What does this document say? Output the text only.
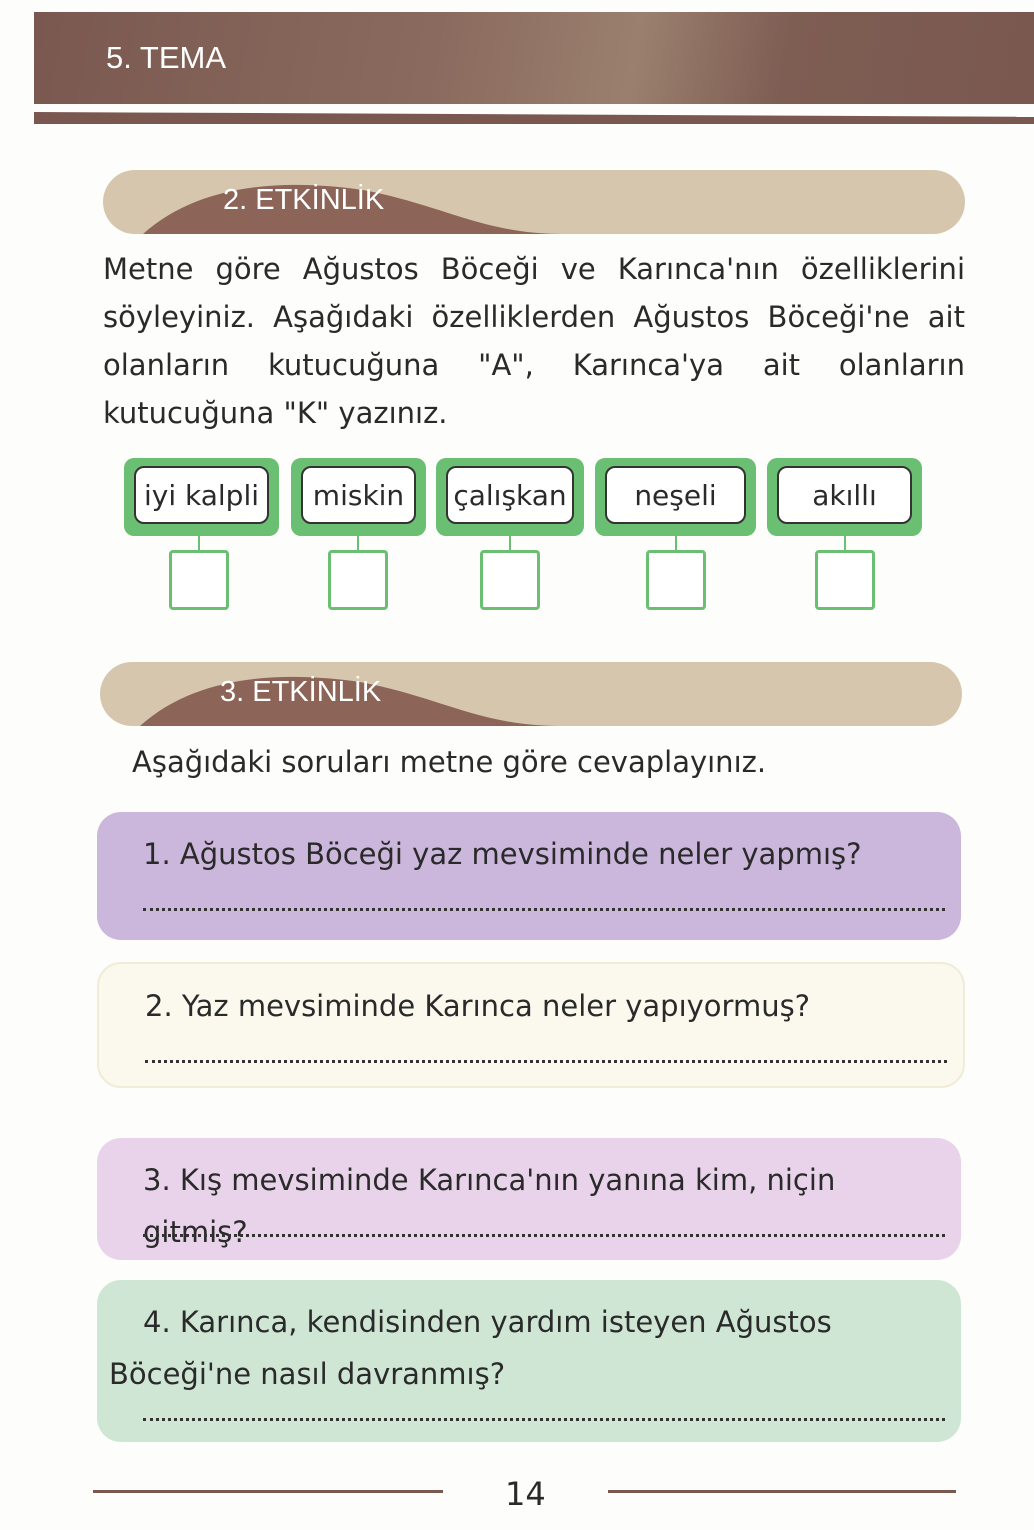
5. TEMA
2. ETKİNLİK
Metne göre Ağustos Böceği ve Karınca'nın özelliklerini söyleyiniz. Aşağıdaki özelliklerden Ağustos Böceği'ne ait olanların kutucuğuna "A", Karınca'ya ait olanların kutucuğuna "K" yazınız.
iyi kalpli	miskin	çalışkan	neşeli	akıllı
3. ETKİNLİK
Aşağıdaki soruları metne göre cevaplayınız.
1. Ağustos Böceği yaz mevsiminde neler yapmış?
2. Yaz mevsiminde Karınca neler yapıyormuş?
3. Kış mevsiminde Karınca'nın yanına kim, niçin gitmiş?
4. Karınca, kendisinden yardım isteyen Ağustos Böceği'ne nasıl davranmış?
14
